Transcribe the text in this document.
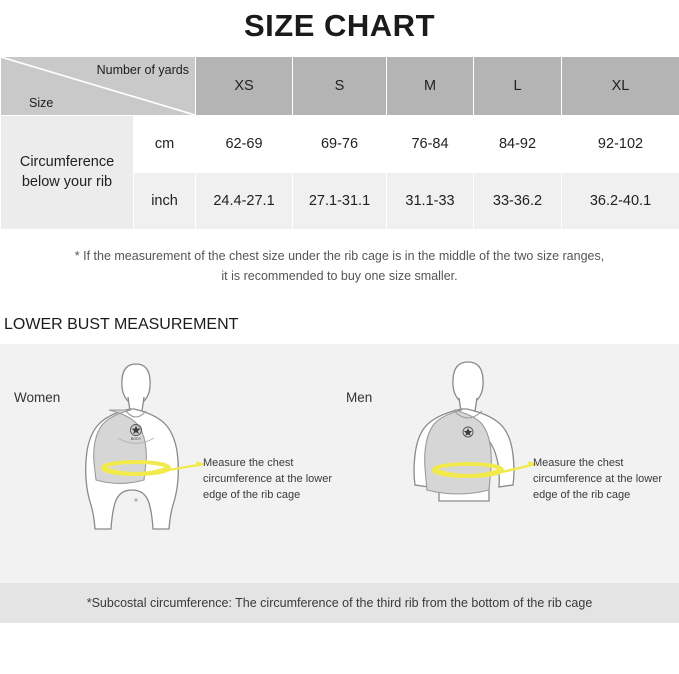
SIZE CHART
Number of yards
Size		XS	S	M	L	XL
Circumference below your rib	cm	62-69	69-76	76-84	84-92	92-102
	inch	24.4-27.1	27.1-31.1	31.1-33	33-36.2	36.2-40.1
* If the measurement of the chest size under the rib cage is in the middle of the two size ranges, it is recommended to buy one size smaller.
LOWER BUST MEASUREMENT
BODY
Women
Measure the chest circumference at the lower edge of the rib cage
Men
Measure the chest circumference at the lower edge of the rib cage
*Subcostal circumference: The circumference of the third rib from the bottom of the rib cage
